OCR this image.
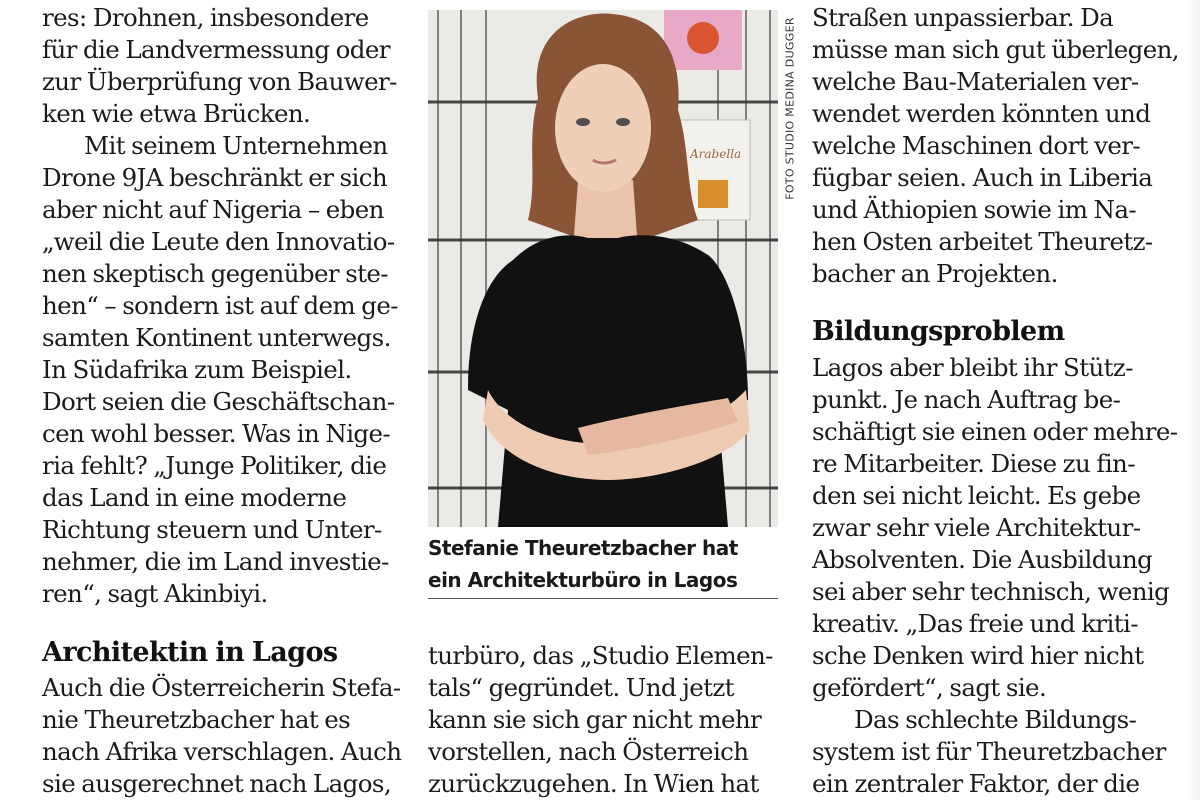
res: Drohnen, insbesondere
für die Landvermessung oder
zur Überprüfung von Bauwer-
ken wie etwa Brücken.
Mit seinem Unternehmen
Drone 9JA beschränkt er sich
aber nicht auf Nigeria – eben
„weil die Leute den Innovatio-
nen skeptisch gegenüber ste-
hen“ – sondern ist auf dem ge-
samten Kontinent unterwegs.
In Südafrika zum Beispiel.
Dort seien die Geschäftschan-
cen wohl besser. Was in Nige-
ria fehlt? „Junge Politiker, die
das Land in eine moderne
Richtung steuern und Unter-
nehmer, die im Land investie-
ren“, sagt Akinbiyi.
Architektin in Lagos
Auch die Österreicherin Stefa-
nie Theuretzbacher hat es
nach Afrika verschlagen. Auch
sie ausgerechnet nach Lagos,
Arabella	FOTO STUDIO MEDINA DUGGER
Stefanie Theuretzbacher hat
ein Architekturbüro in Lagos
turbüro, das „Studio Elemen-
tals“ gegründet. Und jetzt
kann sie sich gar nicht mehr
vorstellen, nach Österreich
zurückzugehen. In Wien hat
Straßen unpassierbar. Da
müsse man sich gut überlegen,
welche Bau-Materialen ver-
wendet werden könnten und
welche Maschinen dort ver-
fügbar seien. Auch in Liberia
und Äthiopien sowie im Na-
hen Osten arbeitet Theuretz-
bacher an Projekten.
Bildungsproblem
Lagos aber bleibt ihr Stütz-
punkt. Je nach Auftrag be-
schäftigt sie einen oder mehre-
re Mitarbeiter. Diese zu fin-
den sei nicht leicht. Es gebe
zwar sehr viele Architektur-
Absolventen. Die Ausbildung
sei aber sehr technisch, wenig
kreativ. „Das freie und kriti-
sche Denken wird hier nicht
gefördert“, sagt sie.
Das schlechte Bildungs-
system ist für Theuretzbacher
ein zentraler Faktor, der die
